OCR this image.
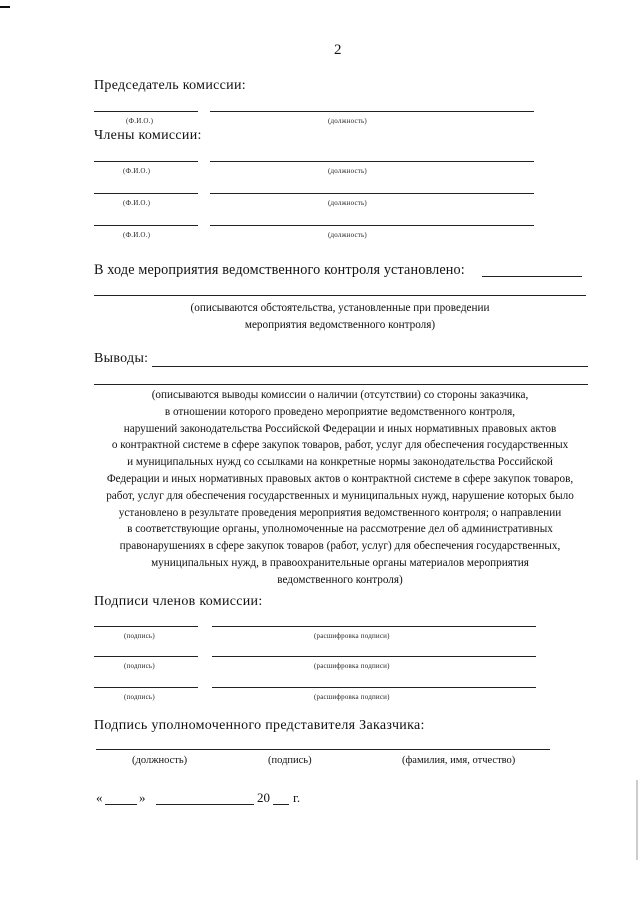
2
Председатель комиссии:
(Ф.И.О.)	(должность)
Члены комиссии:
(Ф.И.О.)	(должность)
(Ф.И.О.)	(должность)
(Ф.И.О.)	(должность)
В ходе мероприятия ведомственного контроля установлено:
(описываются обстоятельства, установленные при проведении
мероприятия ведомственного контроля)
Выводы:
(описываются выводы комиссии о наличии (отсутствии) со стороны заказчика,
в отношении которого проведено мероприятие ведомственного контроля,
нарушений законодательства Российской Федерации и иных нормативных правовых актов
о контрактной системе в сфере закупок товаров, работ, услуг для обеспечения государственных
и муниципальных нужд со ссылками на конкретные нормы законодательства Российской
Федерации и иных нормативных правовых актов о контрактной системе в сфере закупок товаров,
работ, услуг для обеспечения государственных и муниципальных нужд, нарушение которых было
установлено в результате проведения мероприятия ведомственного контроля; о направлении
в соответствующие органы, уполномоченные на рассмотрение дел об административных
правонарушениях в сфере закупок товаров (работ, услуг) для обеспечения государственных,
муниципальных нужд, в правоохранительные органы материалов мероприятия
ведомственного контроля)
Подписи членов комиссии:
(подпись)	(расшифровка подписи)
(подпись)	(расшифровка подписи)
(подпись)	(расшифровка подписи)
Подпись уполномоченного представителя Заказчика:
(должность)	(подпись)	(фамилия, имя, отчество)
«	»	20 г.
